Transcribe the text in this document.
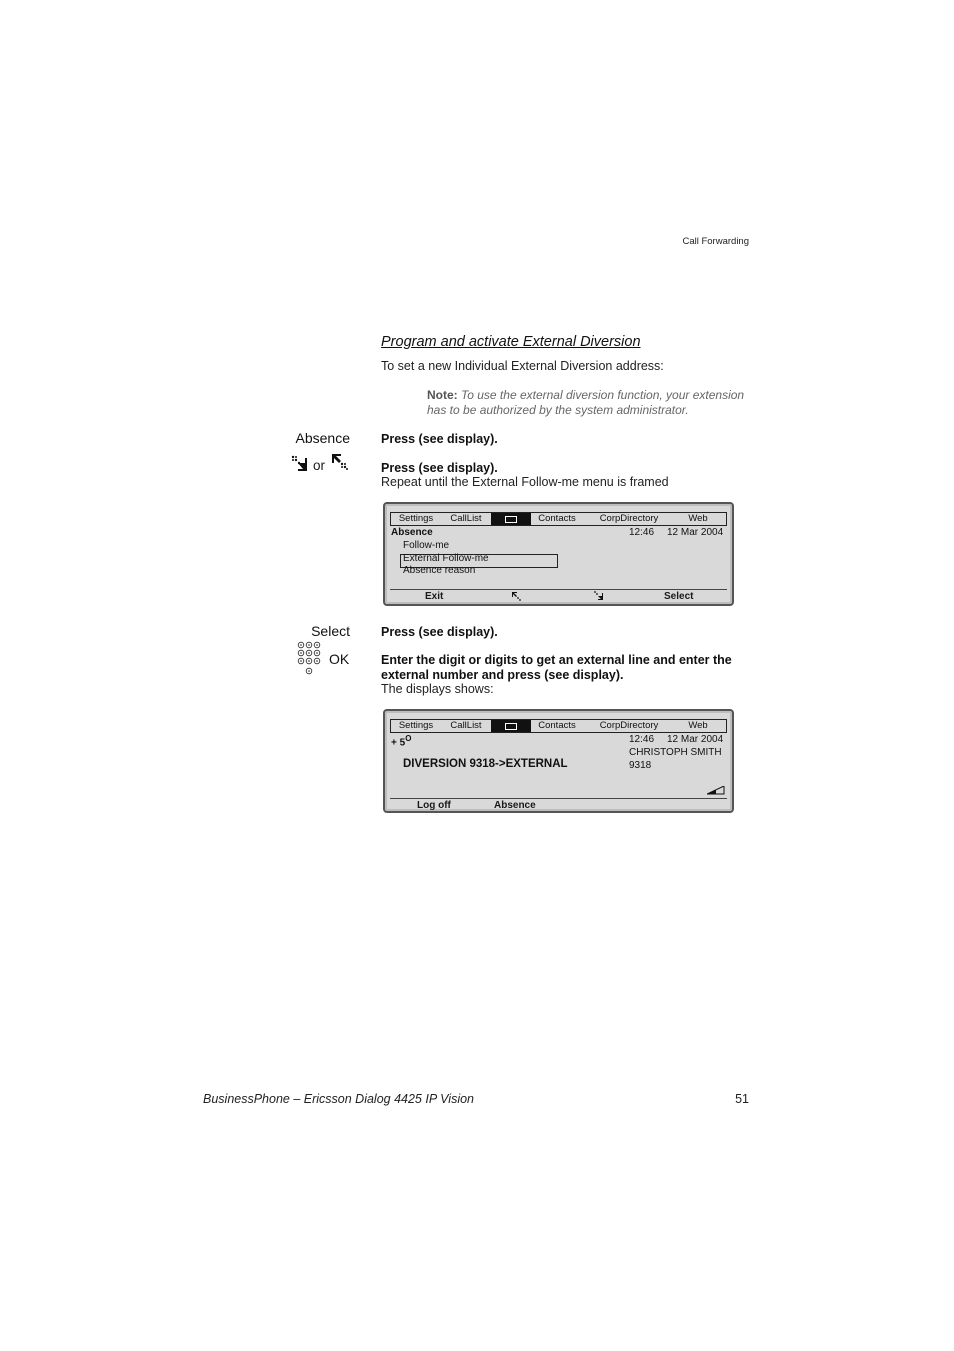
Call Forwarding
Program and activate External Diversion
To set a new Individual External Diversion address:
Note: To use the external diversion function, your extension has to be authorized by the system administrator.
Absence Press (see display).
or	Press (see display).
Repeat until the External Follow-me menu is framed
Settings	CallList	Contacts	CorpDirectory	Web
Absence	12:46 12 Mar 2004
Follow-me
External Follow-me
Absence reason
Exit	Select
Select Press (see display).
OK	Enter the digit or digits to get an external line and enter the external number and press (see display).
The displays shows:
Settings	CallList	Contacts	CorpDirectory	Web
+ $5^O$	12:46 12 Mar 2004
CHRISTOPH SMITH
9318
DIVERSION 9318->EXTERNAL
Log off	Absence
BusinessPhone – Ericsson Dialog 4425 IP Vision	51
